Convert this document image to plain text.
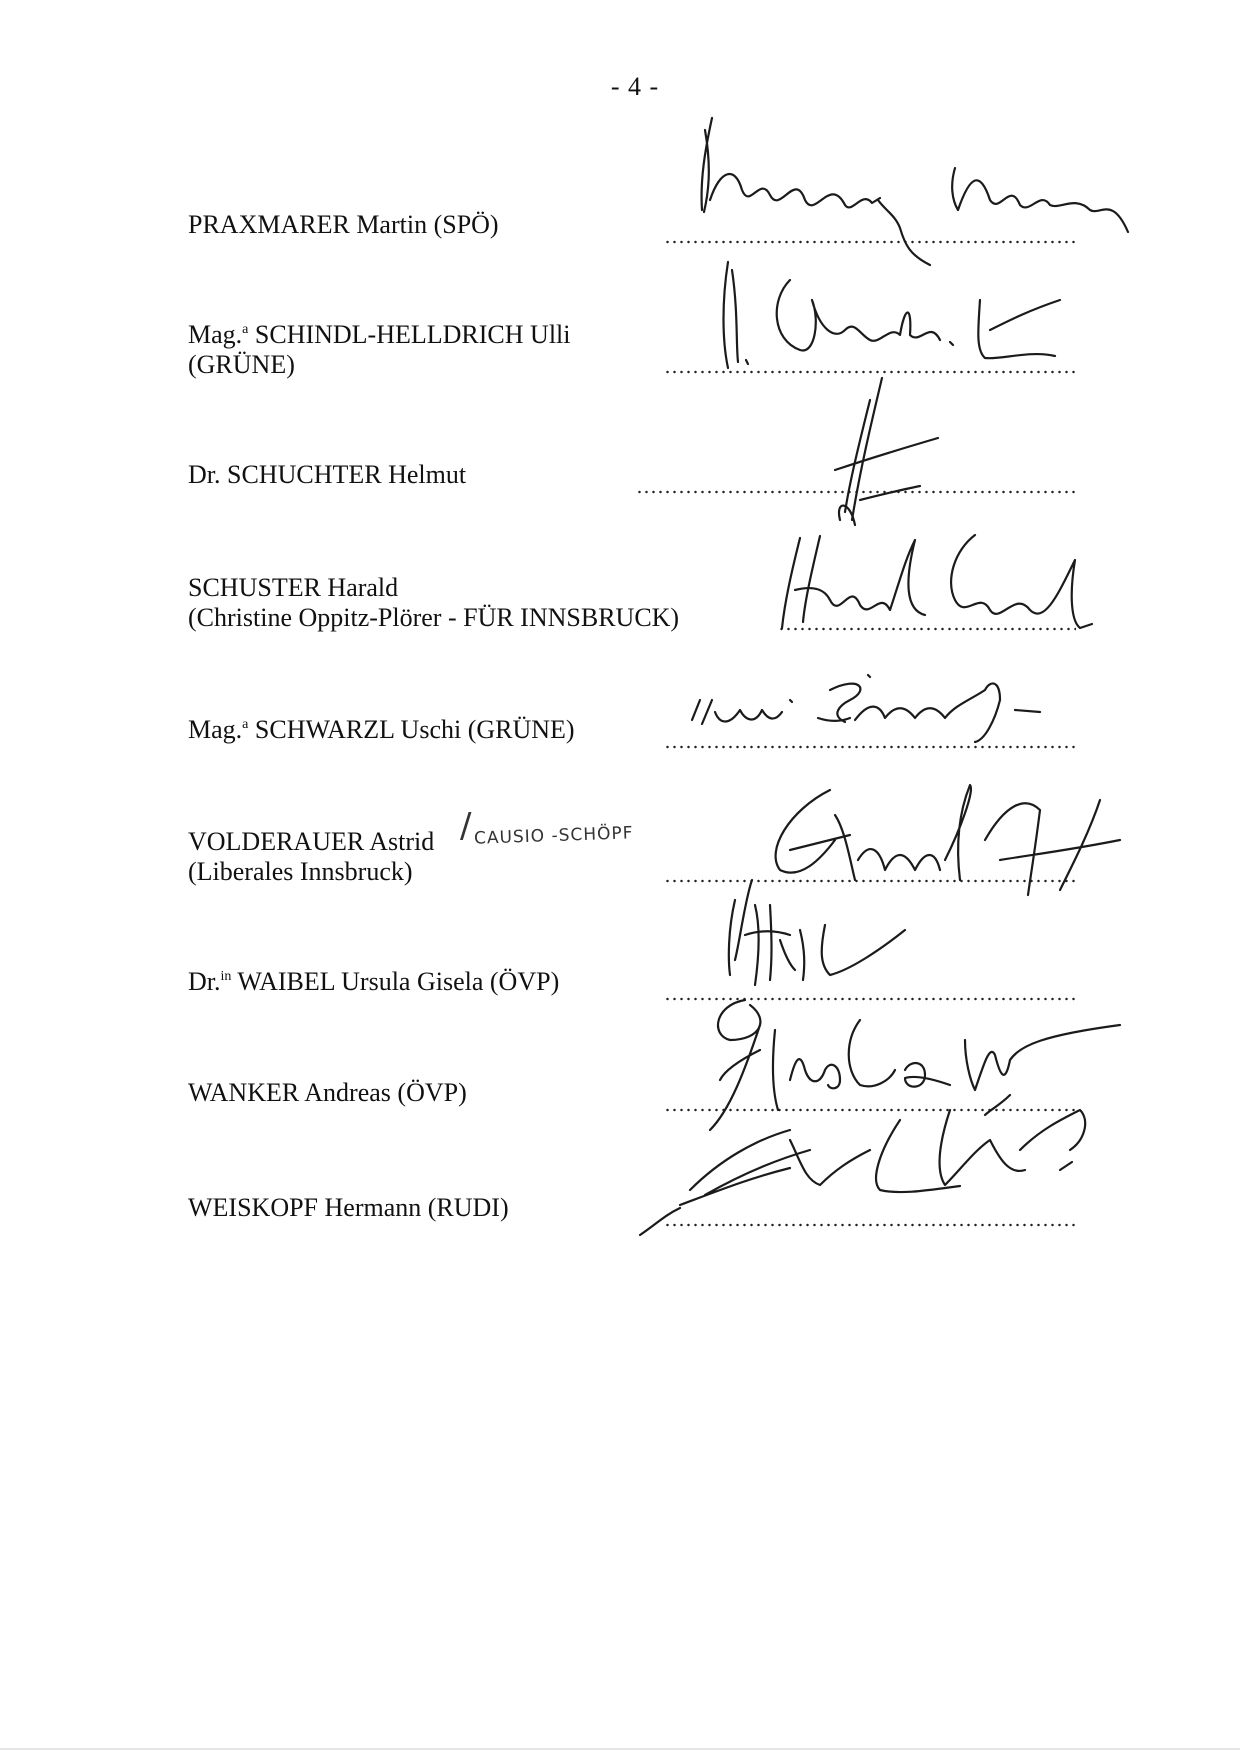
- 4 -
PRAXMARER Martin (SPÖ)
Mag.$^a$ SCHINDL-HELLDRICH Ulli
(GRÜNE)
Dr. SCHUCHTER Helmut
SCHUSTER Harald
(Christine Oppitz-Plörer - FÜR INNSBRUCK)
Mag.$^a$ SCHWARZL Uschi (GRÜNE)
VOLDERAUER Astrid
(Liberales Innsbruck)
/ CAUSIO -SCHÖPF
Dr.$^{in}$ WAIBEL Ursula Gisela (ÖVP)
WANKER Andreas (ÖVP)
WEISKOPF Hermann (RUDI)
